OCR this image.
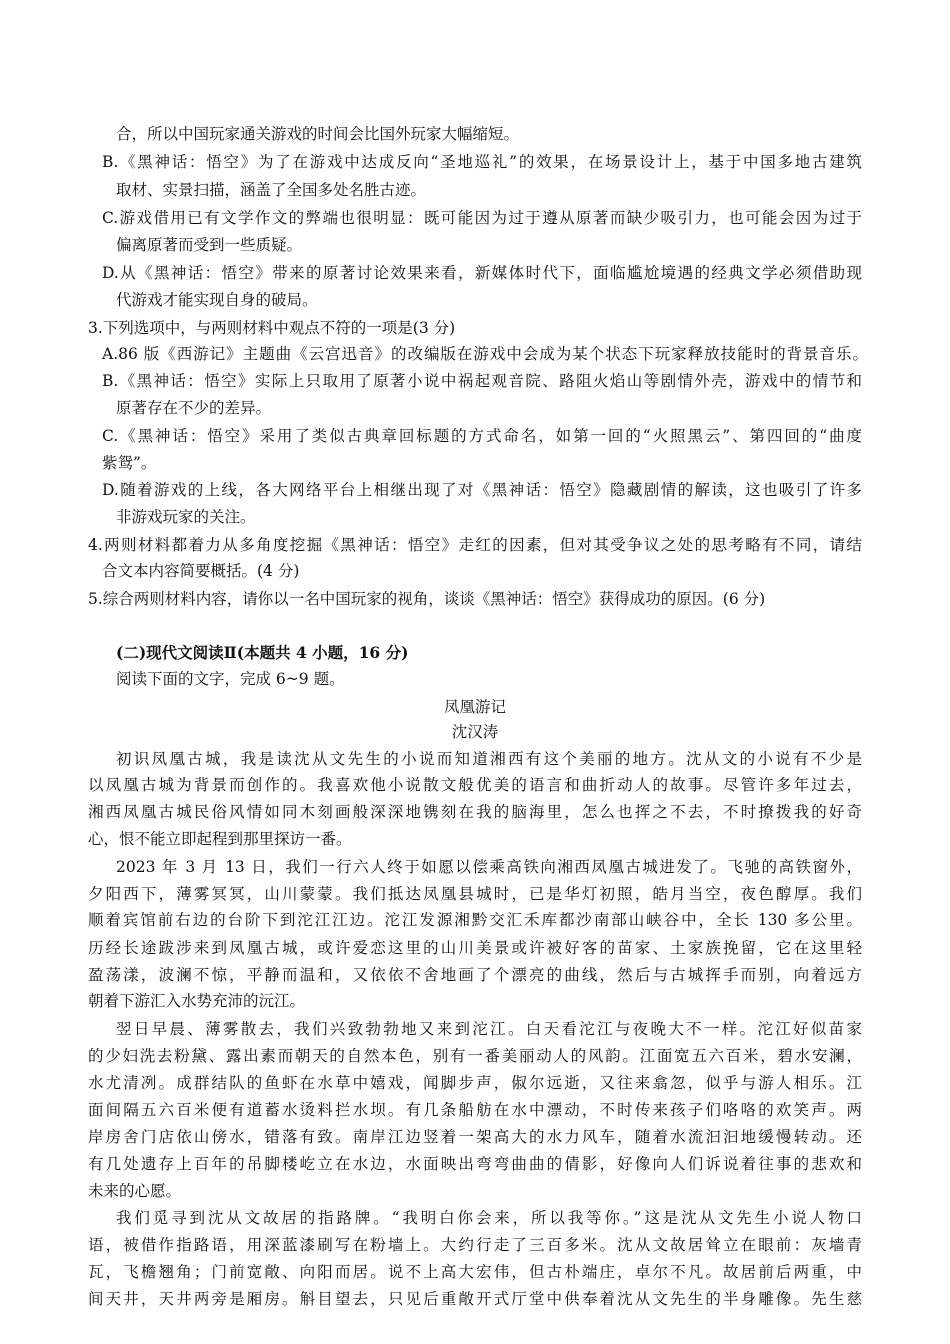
合，所以中国玩家通关游戏的时间会比国外玩家大幅缩短。
B.《黑神话：悟空》为了在游戏中达成反向“圣地巡礼”的效果，在场景设计上，基于中国多地古建筑
取材、实景扫描，涵盖了全国多处名胜古迹。
C.游戏借用已有文学作文的弊端也很明显：既可能因为过于遵从原著而缺少吸引力，也可能会因为过于
偏离原著而受到一些质疑。
D.从《黑神话：悟空》带来的原著讨论效果来看，新媒体时代下，面临尴尬境遇的经典文学必须借助现
代游戏才能实现自身的破局。
3.下列选项中，与两则材料中观点不符的一项是(3 分)
A.86 版《西游记》主题曲《云宫迅音》的改编版在游戏中会成为某个状态下玩家释放技能时的背景音乐。
B.《黑神话：悟空》实际上只取用了原著小说中祸起观音院、路阻火焰山等剧情外壳，游戏中的情节和
原著存在不少的差异。
C.《黑神话：悟空》采用了类似古典章回标题的方式命名，如第一回的“火照黑云”、第四回的“曲度
紫鸳”。
D.随着游戏的上线，各大网络平台上相继出现了对《黑神话：悟空》隐藏剧情的解读，这也吸引了许多
非游戏玩家的关注。
4.两则材料都着力从多角度挖掘《黑神话：悟空》走红的因素，但对其受争议之处的思考略有不同，请结
合文本内容简要概括。(4 分)
5.综合两则材料内容，请你以一名中国玩家的视角，谈谈《黑神话：悟空》获得成功的原因。(6 分)
(二)现代文阅读Ⅱ(本题共 4 小题，16 分)
阅读下面的文字，完成 6~9 题。
凤凰游记
沈汉涛
初识凤凰古城，我是读沈从文先生的小说而知道湘西有这个美丽的地方。沈从文的小说有不少是
以凤凰古城为背景而创作的。我喜欢他小说散文般优美的语言和曲折动人的故事。尽管许多年过去，
湘西凤凰古城民俗风情如同木刻画般深深地镌刻在我的脑海里，怎么也挥之不去，不时撩拨我的好奇
心，恨不能立即起程到那里探访一番。
2023 年 3 月 13 日，我们一行六人终于如愿以偿乘高铁向湘西凤凰古城进发了。飞驰的高铁窗外，
夕阳西下，薄雾冥冥，山川蒙蒙。我们抵达凤凰县城时，已是华灯初照，皓月当空，夜色醇厚。我们
顺着宾馆前右边的台阶下到沱江江边。沱江发源湘黔交汇禾库都沙南部山峡谷中，全长 130 多公里。
历经长途跋涉来到凤凰古城，或许爱恋这里的山川美景或许被好客的苗家、土家族挽留，它在这里轻
盈荡漾，波澜不惊，平静而温和，又依依不舍地画了个漂亮的曲线，然后与古城挥手而别，向着远方
朝着下游汇入水势充沛的沅江。
翌日早晨、薄雾散去，我们兴致勃勃地又来到沱江。白天看沱江与夜晚大不一样。沱江好似苗家
的少妇洗去粉黛、露出素而朝天的自然本色，别有一番美丽动人的风韵。江面宽五六百米，碧水安澜，
水尤清冽。成群结队的鱼虾在水草中嬉戏，闻脚步声，俶尔远逝，又往来翕忽，似乎与游人相乐。江
面间隔五六百米便有道蓄水烫料拦水坝。有几条船舫在水中漂动，不时传来孩子们咯咯的欢笑声。两
岸房舍门店依山傍水，错落有致。南岸江边竖着一架高大的水力风车，随着水流汩汩地缓慢转动。还
有几处遗存上百年的吊脚楼屹立在水边，水面映出弯弯曲曲的倩影，好像向人们诉说着往事的悲欢和
未来的心愿。
我们觅寻到沈从文故居的指路牌。“我明白你会来，所以我等你。”这是沈从文先生小说人物口
语，被借作指路语，用深蓝漆刷写在粉墙上。大约行走了三百多米。沈从文故居耸立在眼前：灰墙青
瓦，飞檐翘角；门前宽敞、向阳而居。说不上高大宏伟，但古朴端庄，卓尔不凡。故居前后两重，中
间天井，天井两旁是厢房。斛目望去，只见后重敞开式厅堂中供奉着沈从文先生的半身雕像。先生慈
